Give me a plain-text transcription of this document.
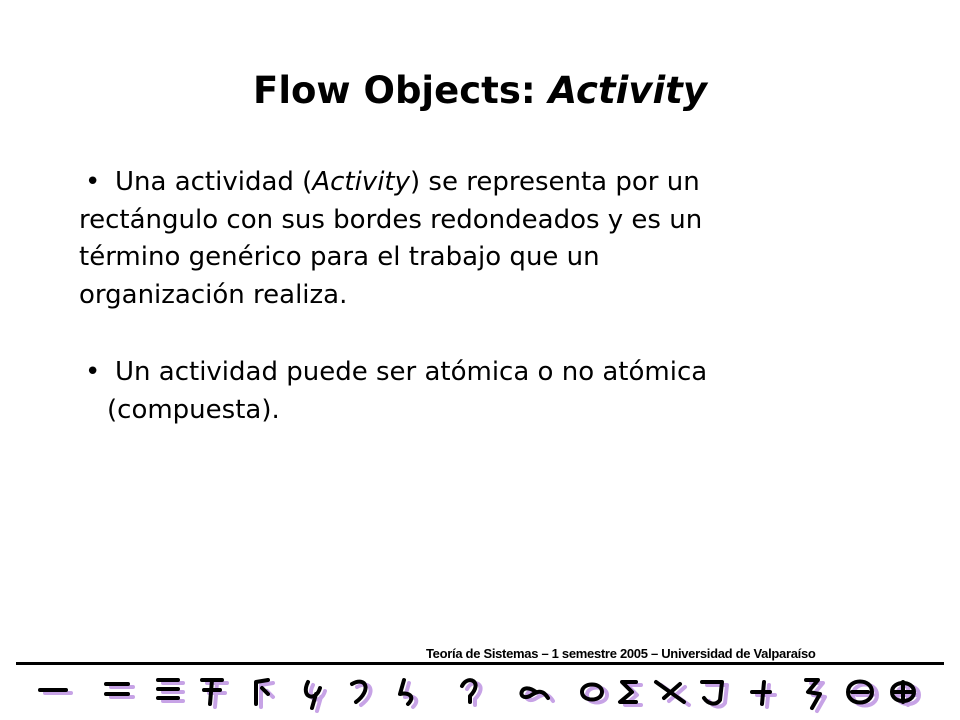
Flow Objects: Activity
• Una actividad (Activity) se representa por un
rectángulo con sus bordes redondeados y es un
término genérico para el trabajo que un
organización realiza.
• Un actividad puede ser atómica o no atómica
(compuesta).
Teoría de Sistemas – 1 semestre 2005 – Universidad de Valparaíso
